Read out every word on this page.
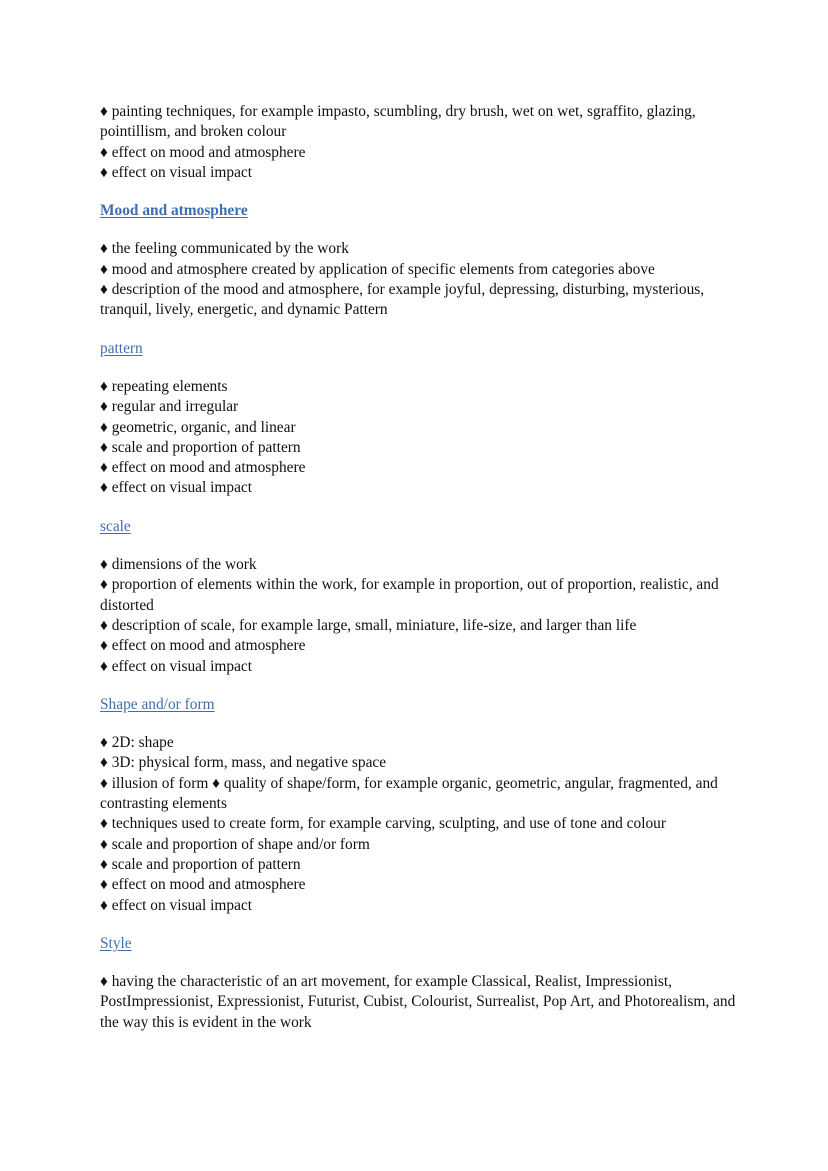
♦ painting techniques, for example impasto, scumbling, dry brush, wet on wet, sgraffito, glazing, pointillism, and broken colour

♦ effect on mood and atmosphere

♦ effect on visual impact

Mood and atmosphere

♦ the feeling communicated by the work

♦ mood and atmosphere created by application of specific elements from categories above

♦ description of the mood and atmosphere, for example joyful, depressing, disturbing, mysterious, tranquil, lively, energetic, and dynamic Pattern

pattern

♦ repeating elements

♦ regular and irregular

♦ geometric, organic, and linear

♦ scale and proportion of pattern

♦ effect on mood and atmosphere

♦ effect on visual impact

scale

♦ dimensions of the work

♦ proportion of elements within the work, for example in proportion, out of proportion, realistic, and distorted

♦ description of scale, for example large, small, miniature, life-size, and larger than life

♦ effect on mood and atmosphere

♦ effect on visual impact

Shape and/or form

♦ 2D: shape

♦ 3D: physical form, mass, and negative space

♦ illusion of form ♦ quality of shape/form, for example organic, geometric, angular, fragmented, and contrasting elements

♦ techniques used to create form, for example carving, sculpting, and use of tone and colour

♦ scale and proportion of shape and/or form

♦ scale and proportion of pattern

♦ effect on mood and atmosphere

♦ effect on visual impact

Style

♦ having the characteristic of an art movement, for example Classical, Realist, Impressionist, PostImpressionist, Expressionist, Futurist, Cubist, Colourist, Surrealist, Pop Art, and Photorealism, and the way this is evident in the work
